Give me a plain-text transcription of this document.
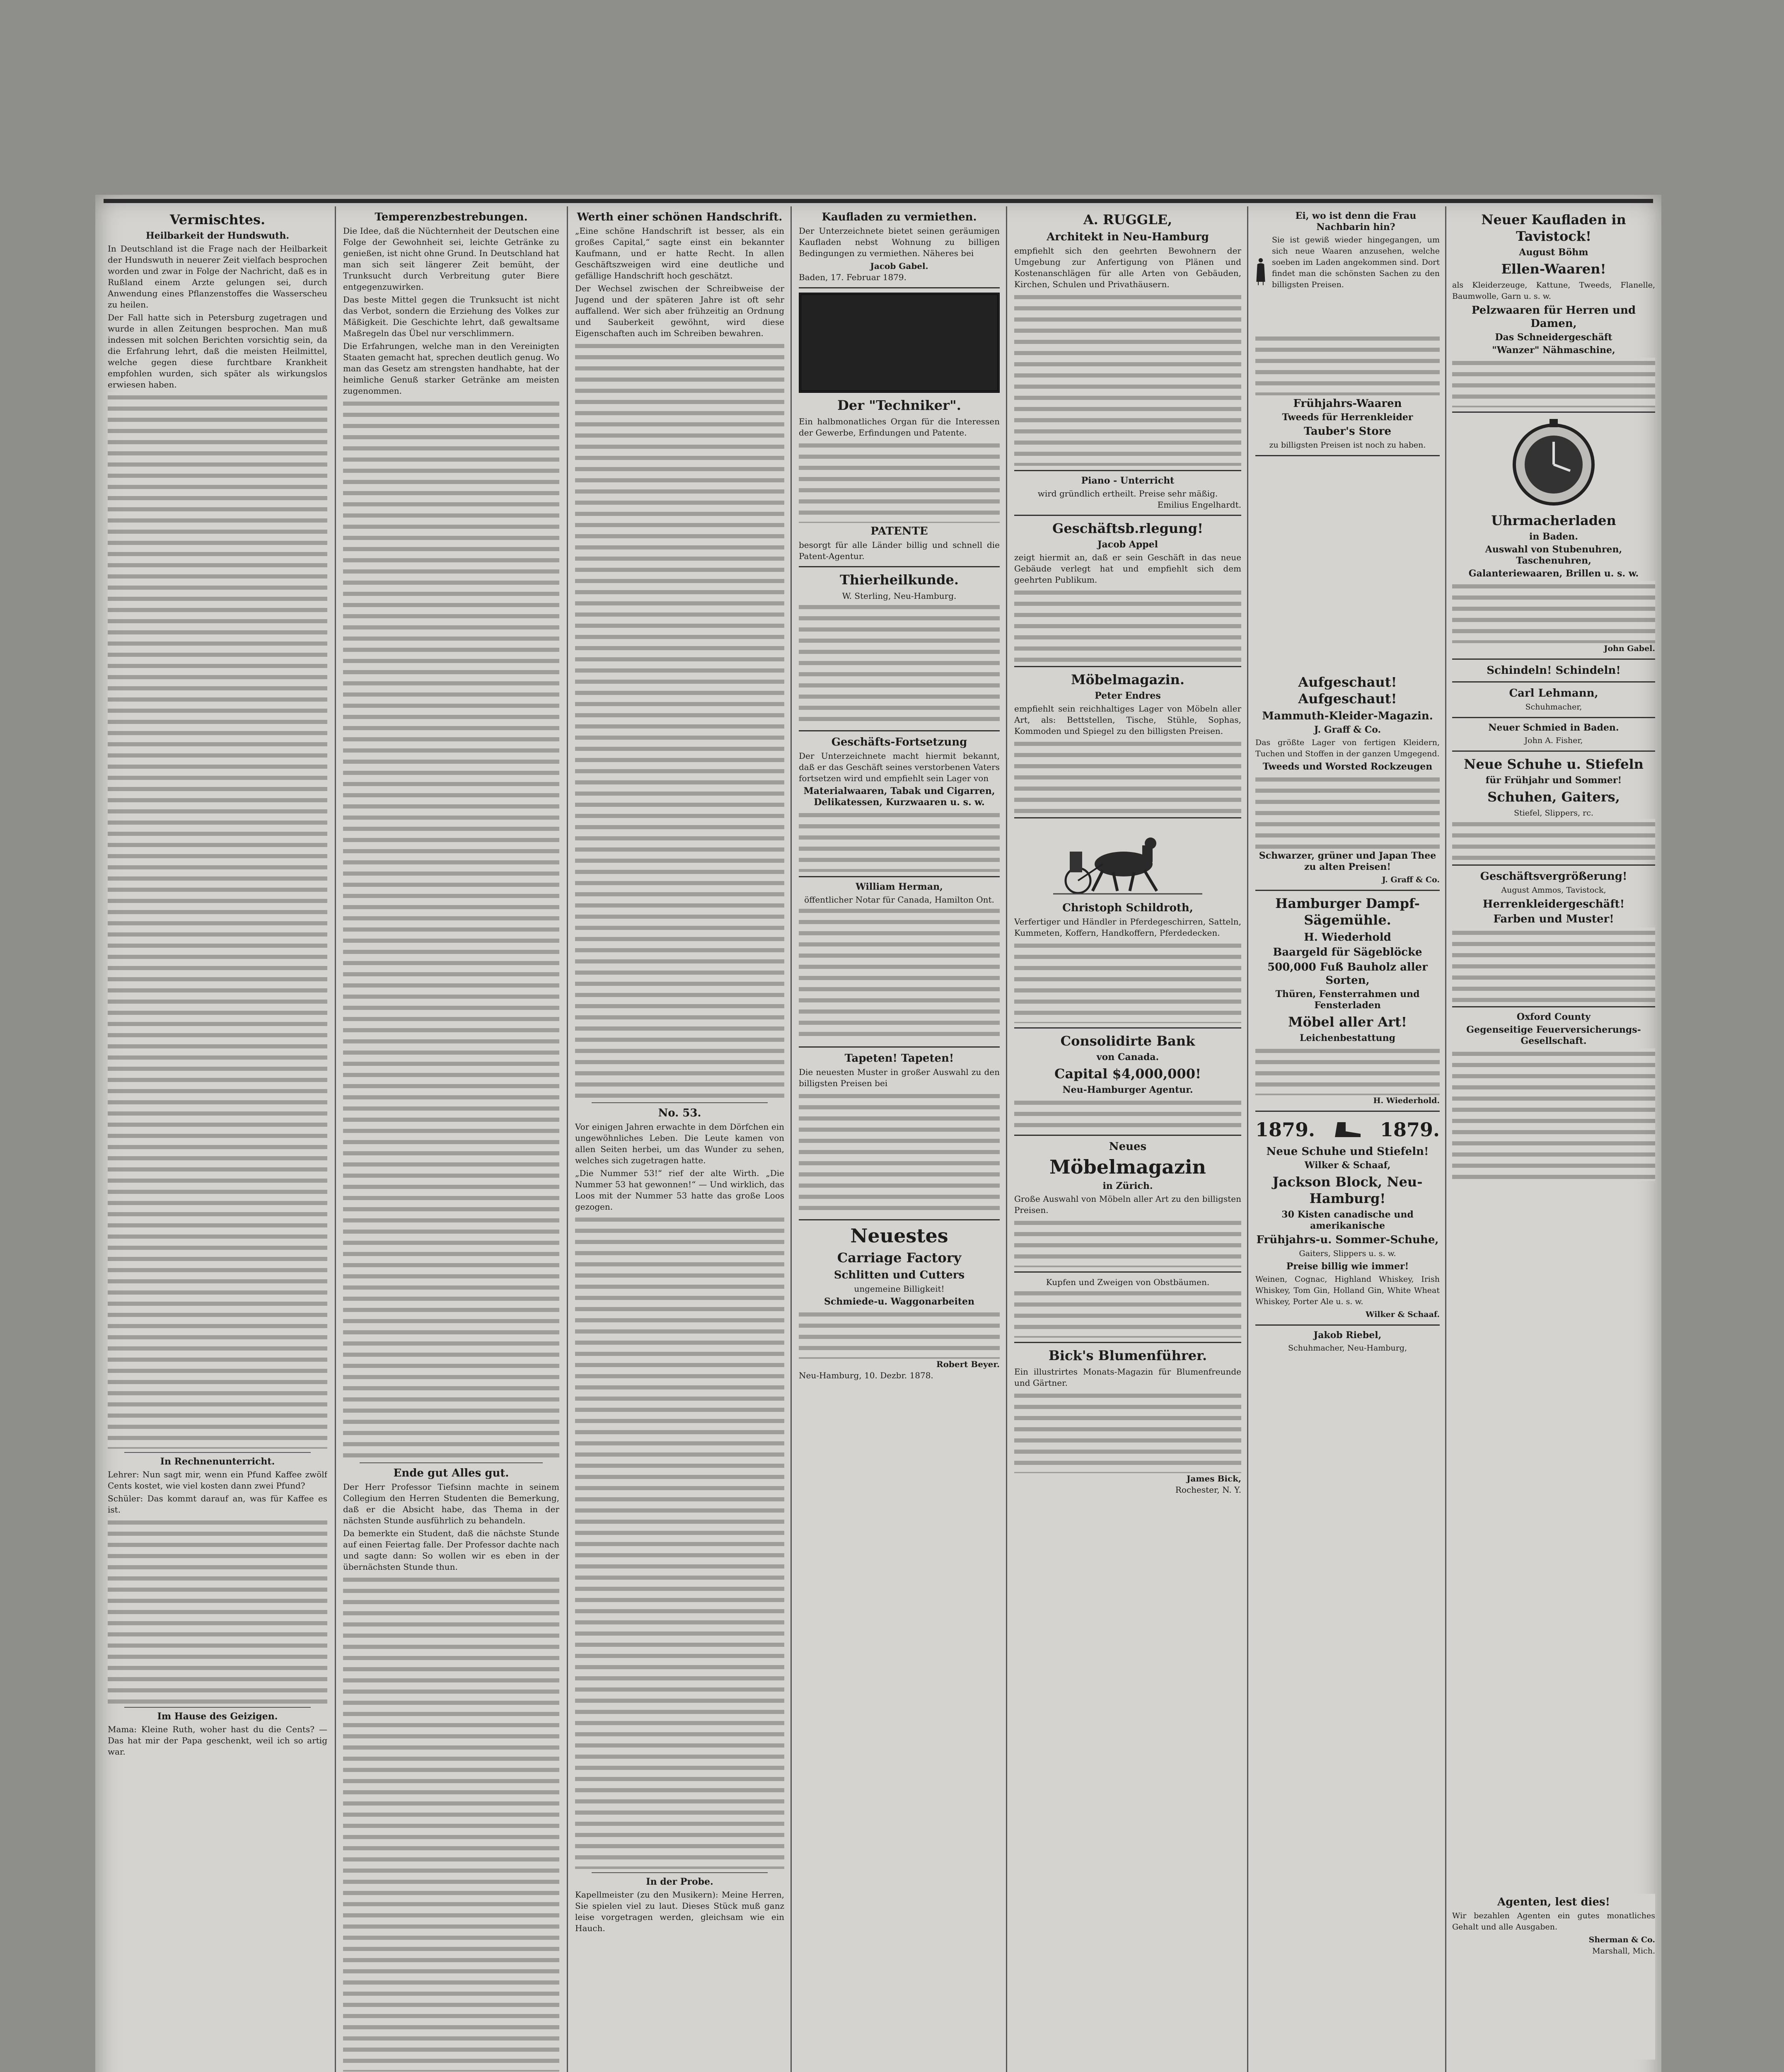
Vermischtes.
Heilbarkeit der Hundswuth.

In Deutschland ist die Frage nach der Heilbarkeit der Hundswuth in neuerer Zeit vielfach besprochen worden und zwar in Folge der Nachricht, daß es in Rußland einem Arzte gelungen sei, durch Anwendung eines Pflanzenstoffes die Wasserscheu zu heilen.

Der Fall hatte sich in Petersburg zugetragen und wurde in allen Zeitungen besprochen. Man muß indessen mit solchen Berichten vorsichtig sein, da die Erfahrung lehrt, daß die meisten Heilmittel, welche gegen diese furchtbare Krankheit empfohlen wurden, sich später als wirkungslos erwiesen haben.

In Rechnenunterricht.

Lehrer: Nun sagt mir, wenn ein Pfund Kaffee zwölf Cents kostet, wie viel kosten dann zwei Pfund?

Schüler: Das kommt darauf an, was für Kaffee es ist.

Im Hause des Geizigen.

Mama: Kleine Ruth, woher hast du die Cents? — Das hat mir der Papa geschenkt, weil ich so artig war.

Temperenzbestrebungen.

Die Idee, daß die Nüchternheit der Deutschen eine Folge der Gewohnheit sei, leichte Getränke zu genießen, ist nicht ohne Grund. In Deutschland hat man sich seit längerer Zeit bemüht, der Trunksucht durch Verbreitung guter Biere entgegenzuwirken.

Das beste Mittel gegen die Trunksucht ist nicht das Verbot, sondern die Erziehung des Volkes zur Mäßigkeit. Die Geschichte lehrt, daß gewaltsame Maßregeln das Übel nur verschlimmern.

Die Erfahrungen, welche man in den Vereinigten Staaten gemacht hat, sprechen deutlich genug. Wo man das Gesetz am strengsten handhabte, hat der heimliche Genuß starker Getränke am meisten zugenommen.

Ende gut Alles gut.

Der Herr Professor Tiefsinn machte in seinem Collegium den Herren Studenten die Bemerkung, daß er die Absicht habe, das Thema in der nächsten Stunde ausführlich zu behandeln.

Da bemerkte ein Student, daß die nächste Stunde auf einen Feiertag falle. Der Professor dachte nach und sagte dann: So wollen wir es eben in der übernächsten Stunde thun.

Werth einer schönen Handschrift.

„Eine schöne Handschrift ist besser, als ein großes Capital,“ sagte einst ein bekannter Kaufmann, und er hatte Recht. In allen Geschäftszweigen wird eine deutliche und gefällige Handschrift hoch geschätzt.

Der Wechsel zwischen der Schreibweise der Jugend und der späteren Jahre ist oft sehr auffallend. Wer sich aber frühzeitig an Ordnung und Sauberkeit gewöhnt, wird diese Eigenschaften auch im Schreiben bewahren.

No. 53.

Vor einigen Jahren erwachte in dem Dörfchen ein ungewöhnliches Leben. Die Leute kamen von allen Seiten herbei, um das Wunder zu sehen, welches sich zugetragen hatte.

„Die Nummer 53!“ rief der alte Wirth. „Die Nummer 53 hat gewonnen!“ — Und wirklich, das Loos mit der Nummer 53 hatte das große Loos gezogen.

In der Probe.

Kapellmeister (zu den Musikern): Meine Herren, Sie spielen viel zu laut. Dieses Stück muß ganz leise vorgetragen werden, gleichsam wie ein Hauch.

Kaufladen zu vermiethen.

Der Unterzeichnete bietet seinen geräumigen Kaufladen nebst Wohnung zu billigen Bedingungen zu vermiethen. Näheres bei

Jacob Gabel.
Baden, 17. Februar 1879.
Der "Techniker".

Ein halbmonatliches Organ für die Interessen der Gewerbe, Erfindungen und Patente.

PATENTE

besorgt für alle Länder billig und schnell die Patent-Agentur.

Thierheilkunde.
W. Sterling, Neu-Hamburg.
Geschäfts-Fortsetzung

Der Unterzeichnete macht hiermit bekannt, daß er das Geschäft seines verstorbenen Vaters fortsetzen wird und empfiehlt sein Lager von

Materialwaaren, Tabak und Cigarren, Delikatessen, Kurzwaaren u. s. w.
William Herman,
öffentlicher Notar für Canada, Hamilton Ont.
Tapeten! Tapeten!

Die neuesten Muster in großer Auswahl zu den billigsten Preisen bei

Neuestes
Carriage Factory
Schlitten und Cutters
ungemeine Billigkeit!
Schmiede-u. Waggonarbeiten
Robert Beyer.
Neu-Hamburg, 10. Dezbr. 1878.
A. RUGGLE,
Architekt in Neu-Hamburg

empfiehlt sich den geehrten Bewohnern der Umgebung zur Anfertigung von Plänen und Kostenanschlägen für alle Arten von Gebäuden, Kirchen, Schulen und Privathäusern.

Piano - Unterricht
wird gründlich ertheilt. Preise sehr mäßig.
Emilius Engelhardt.
Geschäftsb.rlegung!
Jacob Appel

zeigt hiermit an, daß er sein Geschäft in das neue Gebäude verlegt hat und empfiehlt sich dem geehrten Publikum.

Möbelmagazin.
Peter Endres

empfiehlt sein reichhaltiges Lager von Möbeln aller Art, als: Bettstellen, Tische, Stühle, Sophas, Kommoden und Spiegel zu den billigsten Preisen.

Christoph Schildroth,

Verfertiger und Händler in Pferdegeschirren, Satteln, Kummeten, Koffern, Handkoffern, Pferdedecken.

Consolidirte Bank
von Canada.
Capital $4,000,000!
Neu-Hamburger Agentur.
Neues
Möbelmagazin
in Zürich.

Große Auswahl von Möbeln aller Art zu den billigsten Preisen.

Kupfen und Zweigen von Obstbäumen.
Bick's Blumenführer.

Ein illustrirtes Monats-Magazin für Blumenfreunde und Gärtner.

James Bick,
Rochester, N. Y.
Ei, wo ist denn die Frau Nachbarin hin?

Sie ist gewiß wieder hingegangen, um sich neue Waaren anzusehen, welche soeben im Laden angekommen sind. Dort findet man die schönsten Sachen zu den billigsten Preisen.

Frühjahrs-Waaren
Tweeds für Herrenkleider
Tauber's Store
zu billigsten Preisen ist noch zu haben.
Aufgeschaut! Aufgeschaut!
Mammuth-Kleider-Magazin.
J. Graff & Co.

Das größte Lager von fertigen Kleidern, Tuchen und Stoffen in der ganzen Umgegend.

Tweeds und Worsted Rockzeugen
Schwarzer, grüner und Japan Thee zu alten Preisen!
J. Graff & Co.
Hamburger Dampf-Sägemühle.
H. Wiederhold
Baargeld für Sägeblöcke
500,000 Fuß Bauholz aller Sorten,
Thüren, Fensterrahmen und Fensterladen
Möbel aller Art!
Leichenbestattung
H. Wiederhold.
1879.	1879.
Neue Schuhe und Stiefeln!
Wilker & Schaaf,
Jackson Block, Neu-Hamburg!
30 Kisten canadische und amerikanische
Frühjahrs-u. Sommer-Schuhe,
Gaiters, Slippers u. s. w.
Preise billig wie immer!

Weinen, Cognac, Highland Whiskey, Irish Whiskey, Tom Gin, Holland Gin, White Wheat Whiskey, Porter Ale u. s. w.

Wilker & Schaaf.
Jakob Riebel,
Schuhmacher, Neu-Hamburg,
Neuer Kaufladen in Tavistock!
August Böhm
Ellen-Waaren!

als Kleiderzeuge, Kattune, Tweeds, Flanelle, Baumwolle, Garn u. s. w.

Pelzwaaren für Herren und Damen,
Das Schneidergeschäft
"Wanzer" Nähmaschine,
Uhrmacherladen
in Baden.
Auswahl von Stubenuhren, Taschenuhren,
Galanteriewaaren, Brillen u. s. w.
John Gabel.
Schindeln! Schindeln!
Carl Lehmann,
Schuhmacher,
Neuer Schmied in Baden.
John A. Fisher,
Neue Schuhe u. Stiefeln
für Frühjahr und Sommer!
Schuhen, Gaiters,
Stiefel, Slippers, rc.
Geschäftsvergrößerung!
August Ammos, Tavistock,
Herrenkleidergeschäft!
Farben und Muster!
Oxford County
Gegenseitige Feuerversicherungs-Gesellschaft.
Agenten, lest dies!

Wir bezahlen Agenten ein gutes monatliches Gehalt und alle Ausgaben.

Sherman & Co.
Marshall, Mich.
